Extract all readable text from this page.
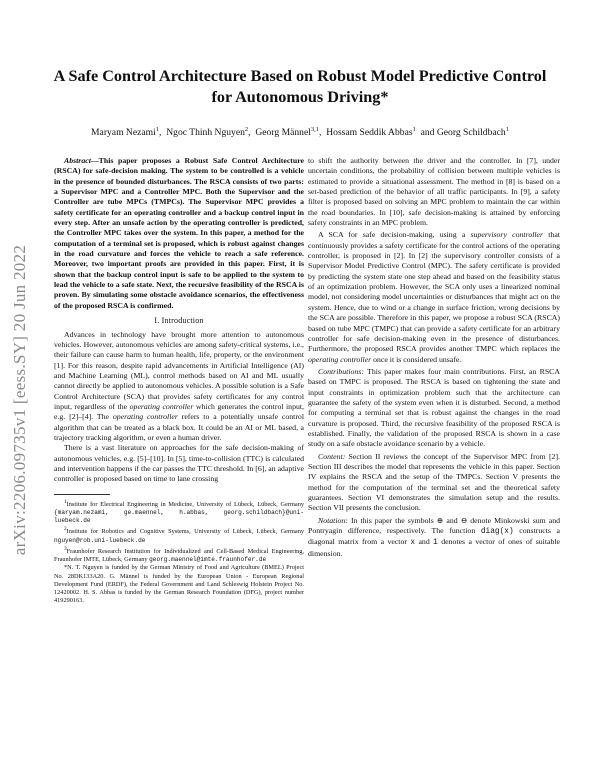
arXiv:2206.09735v1 [eess.SY] 20 Jun 2022
A Safe Control Architecture Based on Robust Model Predictive Control
for Autonomous Driving*
Maryam Nezami$^1$,  Ngoc Thinh Nguyen$^2$,  Georg Männel$^{3,1}$,  Hossam Seddik Abbas$^1$ and Georg Schildbach$^1$

Abstract—This paper proposes a Robust Safe Control Architecture (RSCA) for safe-decision making. The system to be controlled is a vehicle in the presence of bounded disturbances. The RSCA consists of two parts: a Supervisor MPC and a Controller MPC. Both the Supervisor and the Controller are tube MPCs (TMPCs). The Supervisor MPC provides a safety certificate for an operating controller and a backup control input in every step. After an unsafe action by the operating controller is predicted, the Controller MPC takes over the system. In this paper, a method for the computation of a terminal set is proposed, which is robust against changes in the road curvature and forces the vehicle to reach a safe reference. Moreover, two important proofs are provided in this paper. First, it is shown that the backup control input is safe to be applied to the system to lead the vehicle to a safe state. Next, the recursive feasibility of the RSCA is proven. By simulating some obstacle avoidance scenarios, the effectiveness of the proposed RSCA is confirmed.

I. Introduction

Advances in technology have brought more attention to autonomous vehicles. However, autonomous vehicles are among safety-critical systems, i.e., their failure can cause harm to human health, life, property, or the environment [1]. For this reason, despite rapid advancements in Artificial Intelligence (AI) and Machine Learning (ML), control methods based on AI and ML usually cannot directly be applied to autonomous vehicles. A possible solution is a Safe Control Architecture (SCA) that provides safety certificates for any control input, regardless of the operating controller which generates the control input, e.g. [2]–[4]. The operating controller refers to a potentially unsafe control algorithm that can be treated as a black box. It could be an AI or ML based, a trajectory tracking algorithm, or even a human driver.

There is a vast literature on approaches for the safe decision-making of autonomous vehicles, e.g. [5]–[10]. In [5], time-to-collision (TTC) is calculated and intervention happens if the car passes the TTC threshold. In [6], an adaptive controller is proposed based on time to lane crossing

$^1$Institute for Electrical Engineering in Medicine, University of Lübeck, Lübeck, Germany {maryam.nezami, ge.maennel, h.abbas, georg.schildbach}@uni-luebeck.de

$^2$Institute for Robotics and Cognitive Systems, University of Lübeck, Lübeck, Germany nguyen@rob.uni-luebeck.de

$^3$Fraunhofer Research Institution for Individualized and Cell-Based Medical Engineering, Fraunhofer IMTE, Lübeck, Germany georg.maennel@imte.fraunhofer.de

*N. T. Nguyen is funded by the German Ministry of Food and Agriculture (BMEL) Project No. 28DK133A20. G. Männel is funded by the European Union - European Regional Development Fund (ERDF), the Federal Government and Land Schleswig Holstein Project No. 12420002. H. S. Abbas is funded by the German Research Foundation (DFG), project number 419290163.

to shift the authority between the driver and the controller. In [7], under uncertain conditions, the probability of collision between multiple vehicles is estimated to provide a situational assessment. The method in [8] is based on a set-based prediction of the behavior of all traffic participants. In [9], a safety filter is proposed based on solving an MPC problem to maintain the car within the road boundaries. In [10], safe decision-making is attained by enforcing safety constraints in an MPC problem.

A SCA for safe decision-making, using a supervisory controller that continuously provides a safety certificate for the control actions of the operating controller, is proposed in [2]. In [2] the supervisory controller consists of a Supervisor Model Predictive Control (MPC). The safety certificate is provided by predicting the system state one step ahead and based on the feasibility status of an optimization problem. However, the SCA only uses a linearized nominal model, not considering model uncertainties or disturbances that might act on the system. Hence, due to wind or a change in surface friction, wrong decisions by the SCA are possible. Therefore in this paper, we propose a robust SCA (RSCA) based on tube MPC (TMPC) that can provide a safety certificate for an arbitrary controller for safe decision-making even in the presence of disturbances. Furthermore, the proposed RSCA provides another TMPC which replaces the operating controller once it is considered unsafe.

Contributions: This paper makes four main contributions. First, an RSCA based on TMPC is proposed. The RSCA is based on tightening the state and input constraints in optimization problem such that the architecture can guarantee the safety of the system even when it is disturbed. Second, a method for computing a terminal set that is robust against the changes in the road curvature is proposed. Third, the recursive feasibility of the proposed RSCA is established. Finally, the validation of the proposed RSCA is shown in a case study on a safe obstacle avoidance scenario by a vehicle.

Content: Section II reviews the concept of the Supervisor MPC from [2]. Section III describes the model that represents the vehicle in this paper. Section IV explains the RSCA and the setup of the TMPCs. Section V presents the method for the computation of the terminal set and the theoretical safety guarantees. Section VI demonstrates the simulation setup and the results. Section VII presents the conclusion.

Notation: In this paper the symbols ⊕ and ⊖ denote Minkowski sum and Pontryagin difference, respectively. The function diag(x) constructs a diagonal matrix from a vector x and 1 denotes a vector of ones of suitable dimension.
